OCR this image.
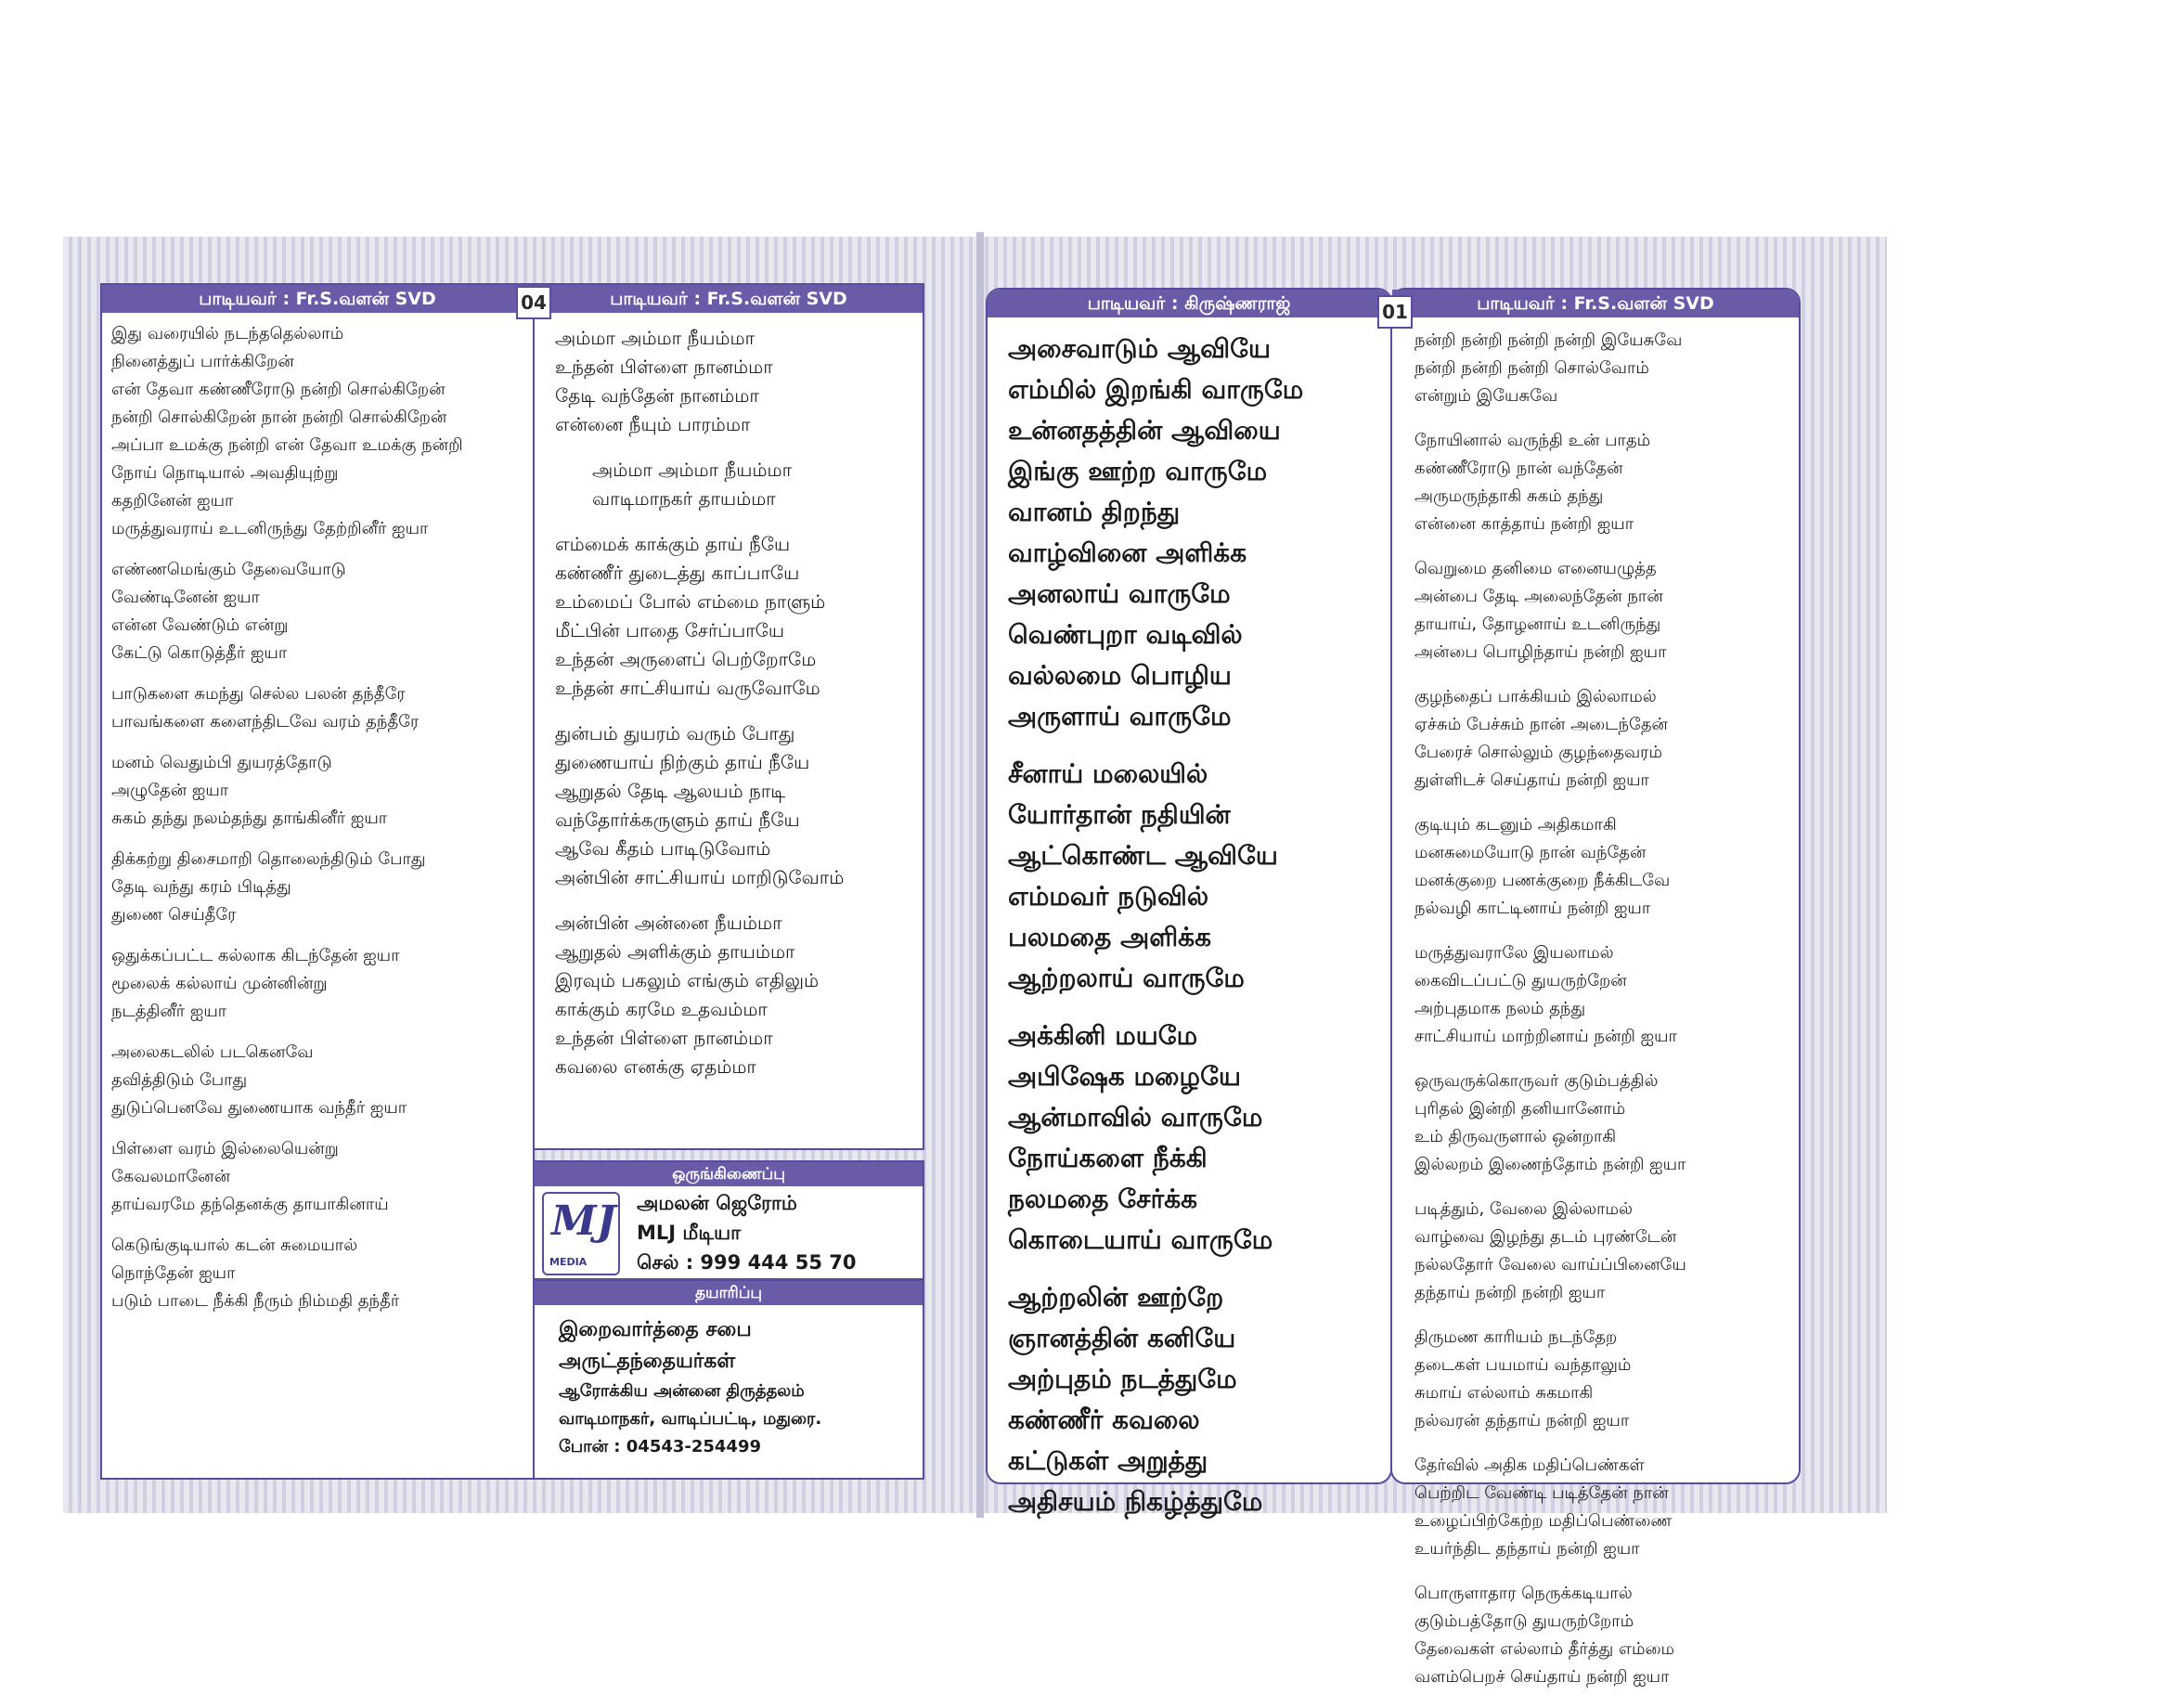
பாடியவர் : Fr.S.வளன் SVD
இது வரையில் நடந்ததெல்லாம்
நினைத்துப் பார்க்கிறேன்
என் தேவா கண்ணீரோடு நன்றி சொல்கிறேன்
நன்றி சொல்கிறேன் நான் நன்றி சொல்கிறேன்
அப்பா உமக்கு நன்றி என் தேவா உமக்கு நன்றி
நோய் நொடியால் அவதியுற்று
கதறினேன் ஐயா
மருத்துவராய் உடனிருந்து தேற்றினீர் ஐயா
எண்ணமெங்கும் தேவையோடு
வேண்டினேன் ஐயா
என்ன வேண்டும் என்று
கேட்டு கொடுத்தீர் ஐயா
பாடுகளை சுமந்து செல்ல பலன் தந்தீரே
பாவங்களை களைந்திடவே வரம் தந்தீரே
மனம் வெதும்பி துயரத்தோடு
அழுதேன் ஐயா
சுகம் தந்து நலம்தந்து தாங்கினீர் ஐயா
திக்கற்று திசைமாறி தொலைந்திடும் போது
தேடி வந்து கரம் பிடித்து
துணை செய்தீரே
ஒதுக்கப்பட்ட கல்லாக கிடந்தேன் ஐயா
மூலைக் கல்லாய் முன்னின்று
நடத்தினீர் ஐயா
அலைகடலில் படகெனவே
தவித்திடும் போது
துடுப்பெனவே துணையாக வந்தீர் ஐயா
பிள்ளை வரம் இல்லையென்று
கேவலமானேன்
தாய்வரமே தந்தெனக்கு தாயாகினாய்
கெடுங்குடியால் கடன் சுமையால்
நொந்தேன் ஐயா
படும் பாடை நீக்கி நீரும் நிம்மதி தந்தீர்
பாடியவர் : Fr.S.வளன் SVD
அம்மா அம்மா நீயம்மா
உந்தன் பிள்ளை நானம்மா
தேடி வந்தேன் நானம்மா
என்னை நீயும் பாரம்மா
அம்மா அம்மா நீயம்மா
வாடிமாநகர் தாயம்மா
எம்மைக் காக்கும் தாய் நீயே
கண்ணீர் துடைத்து காப்பாயே
உம்மைப் போல் எம்மை நாளும்
மீட்பின் பாதை சேர்ப்பாயே
உந்தன் அருளைப் பெற்றோமே
உந்தன் சாட்சியாய் வருவோமே
துன்பம் துயரம் வரும் போது
துணையாய் நிற்கும் தாய் நீயே
ஆறுதல் தேடி ஆலயம் நாடி
வந்தோர்க்கருளும் தாய் நீயே
ஆவே கீதம் பாடிடுவோம்
அன்பின் சாட்சியாய் மாறிடுவோம்
அன்பின் அன்னை நீயம்மா
ஆறுதல் அளிக்கும் தாயம்மா
இரவும் பகலும் எங்கும் எதிலும்
காக்கும் கரமே உதவம்மா
உந்தன் பிள்ளை நானம்மா
கவலை எனக்கு ஏதம்மா
04
ஒருங்கிணைப்பு
MJ
MEDIA
அமலன் ஜெரோம்
MLJ மீடியா
செல் : 999 444 55 70
தயாரிப்பு
இறைவார்த்தை சபை
அருட்தந்தையர்கள்
ஆரோக்கிய அன்னை திருத்தலம்
வாடிமாநகர், வாடிப்பட்டி, மதுரை.
போன் : 04543-254499
பாடியவர் : கிருஷ்ணராஜ்
அசைவாடும் ஆவியே
எம்மில் இறங்கி வாருமே
உன்னதத்தின் ஆவியை
இங்கு ஊற்ற வாருமே
வானம் திறந்து
வாழ்வினை அளிக்க
அனலாய் வாருமே
வெண்புறா வடிவில்
வல்லமை பொழிய
அருளாய் வாருமே
சீனாய் மலையில்
யோர்தான் நதியின்
ஆட்கொண்ட ஆவியே
எம்மவர் நடுவில்
பலமதை அளிக்க
ஆற்றலாய் வாருமே
அக்கினி மயமே
அபிஷேக மழையே
ஆன்மாவில் வாருமே
நோய்களை நீக்கி
நலமதை சேர்க்க
கொடையாய் வாருமே
ஆற்றலின் ஊற்றே
ஞானத்தின் கனியே
அற்புதம் நடத்துமே
கண்ணீர் கவலை
கட்டுகள் அறுத்து
அதிசயம் நிகழ்த்துமே
பாடியவர் : Fr.S.வளன் SVD
நன்றி நன்றி நன்றி நன்றி இயேசுவே
நன்றி நன்றி நன்றி சொல்வோம்
என்றும் இயேசுவே
நோயினால் வருந்தி உன் பாதம்
கண்ணீரோடு நான் வந்தேன்
அருமருந்தாகி சுகம் தந்து
என்னை காத்தாய் நன்றி ஐயா
வெறுமை தனிமை எனையழுத்த
அன்பை தேடி அலைந்தேன் நான்
தாயாய், தோழனாய் உடனிருந்து
அன்பை பொழிந்தாய் நன்றி ஐயா
குழந்தைப் பாக்கியம் இல்லாமல்
ஏச்சும் பேச்சும் நான் அடைந்தேன்
பேரைச் சொல்லும் குழந்தைவரம்
துள்ளிடச் செய்தாய் நன்றி ஐயா
குடியும் கடனும் அதிகமாகி
மனசுமையோடு நான் வந்தேன்
மனக்குறை பணக்குறை நீக்கிடவே
நல்வழி காட்டினாய் நன்றி ஐயா
மருத்துவராலே இயலாமல்
கைவிடப்பட்டு துயருற்றேன்
அற்புதமாக நலம் தந்து
சாட்சியாய் மாற்றினாய் நன்றி ஐயா
ஒருவருக்கொருவர் குடும்பத்தில்
புரிதல் இன்றி தனியானோம்
உம் திருவருளால் ஒன்றாகி
இல்லறம் இணைந்தோம் நன்றி ஐயா
படித்தும், வேலை இல்லாமல்
வாழ்வை இழந்து தடம் புரண்டேன்
நல்லதோர் வேலை வாய்ப்பினையே
தந்தாய் நன்றி நன்றி ஐயா
திருமண காரியம் நடந்தேற
தடைகள் பயமாய் வந்தாலும்
சுமாய் எல்லாம் சுகமாகி
நல்வரன் தந்தாய் நன்றி ஐயா
தேர்வில் அதிக மதிப்பெண்கள்
பெற்றிட வேண்டி படித்தேன் நான்
உழைப்பிற்கேற்ற மதிப்பெண்ணை
உயர்ந்திட தந்தாய் நன்றி ஐயா
பொருளாதார நெருக்கடியால்
குடும்பத்தோடு துயருற்றோம்
தேவைகள் எல்லாம் தீர்த்து எம்மை
வளம்பெறச் செய்தாய் நன்றி ஐயா
01
